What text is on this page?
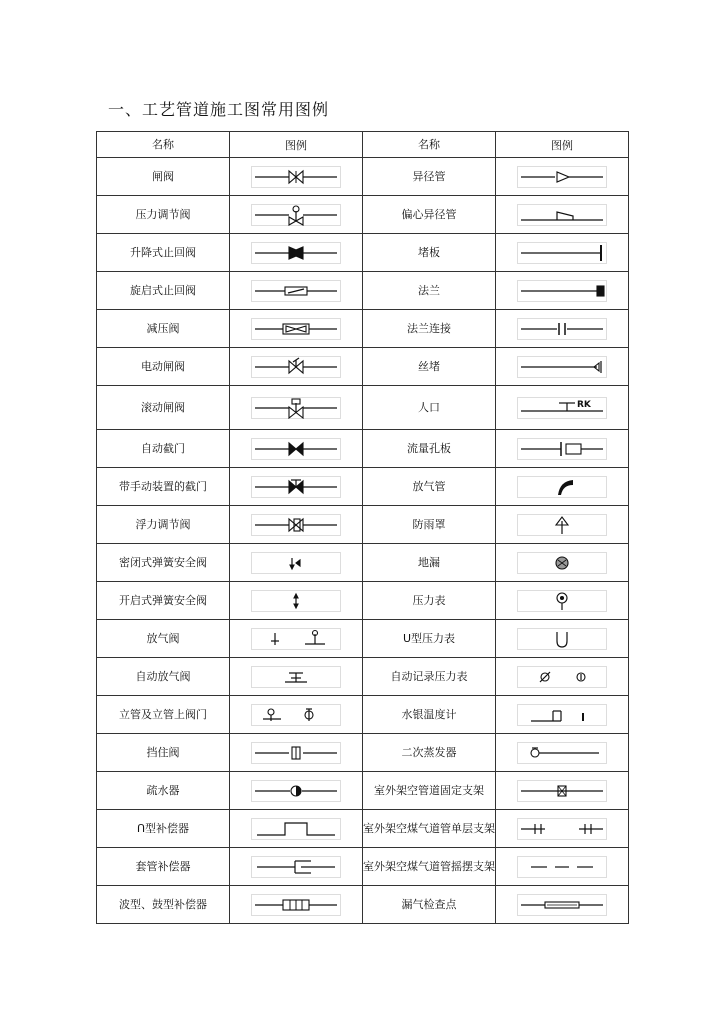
一、工艺管道施工图常用图例
名称	图例	名称	图例
闸阀		异径管	

压力调节阀		偏心异径管	

升降式止回阀		堵板	

旋启式止回阀		法兰	

减压阀		法兰连接	

电动闸阀		丝堵	

滚动闸阀		人口	RK

自动截门		流量孔板	

带手动装置的截门		放气管	

浮力调节阀		防雨罩	

密闭式弹簧安全阀		地漏	

开启式弹簧安全阀		压力表	

放气阀		U型压力表	

自动放气阀		自动记录压力表	

立管及立管上阀门		水银温度计	

挡住阀		二次蒸发器	

疏水器		室外架空管道固定支架	

Ո型补偿器		室外架空煤气道管单层支架	

套管补偿器		室外架空煤气道管摇摆支架	

波型、鼓型补偿器		漏气检查点	
